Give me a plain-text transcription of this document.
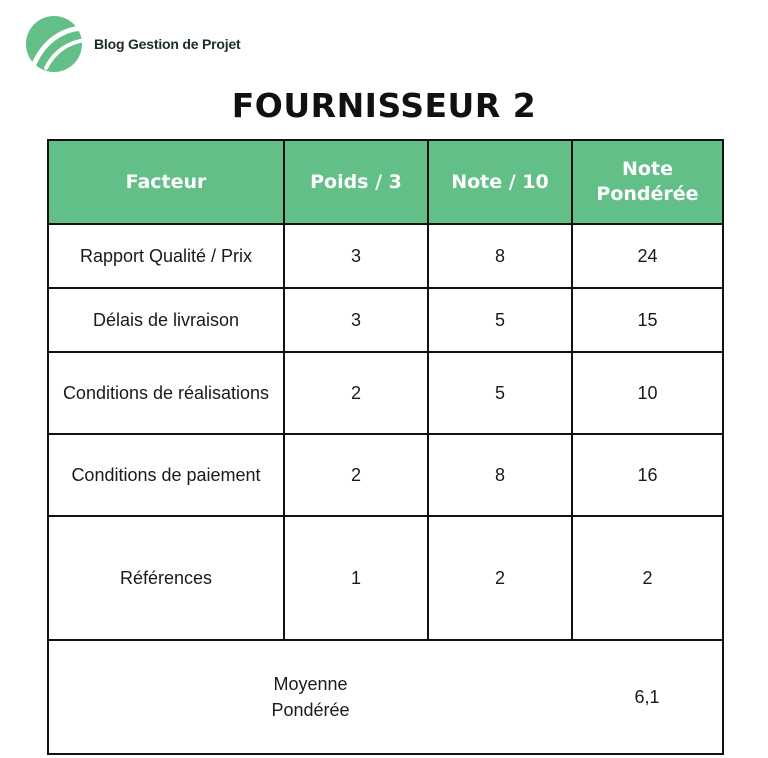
Blog Gestion de Projet
FOURNISSEUR 2
Facteur	Poids / 3	Note / 10	Note Pondérée
Rapport Qualité / Prix	3	8	24
Délais de livraison	3	5	15
Conditions de réalisations	2	5	10
Conditions de paiement	2	8	16
Références	1	2	2

Moyenne Pondérée			6,1
